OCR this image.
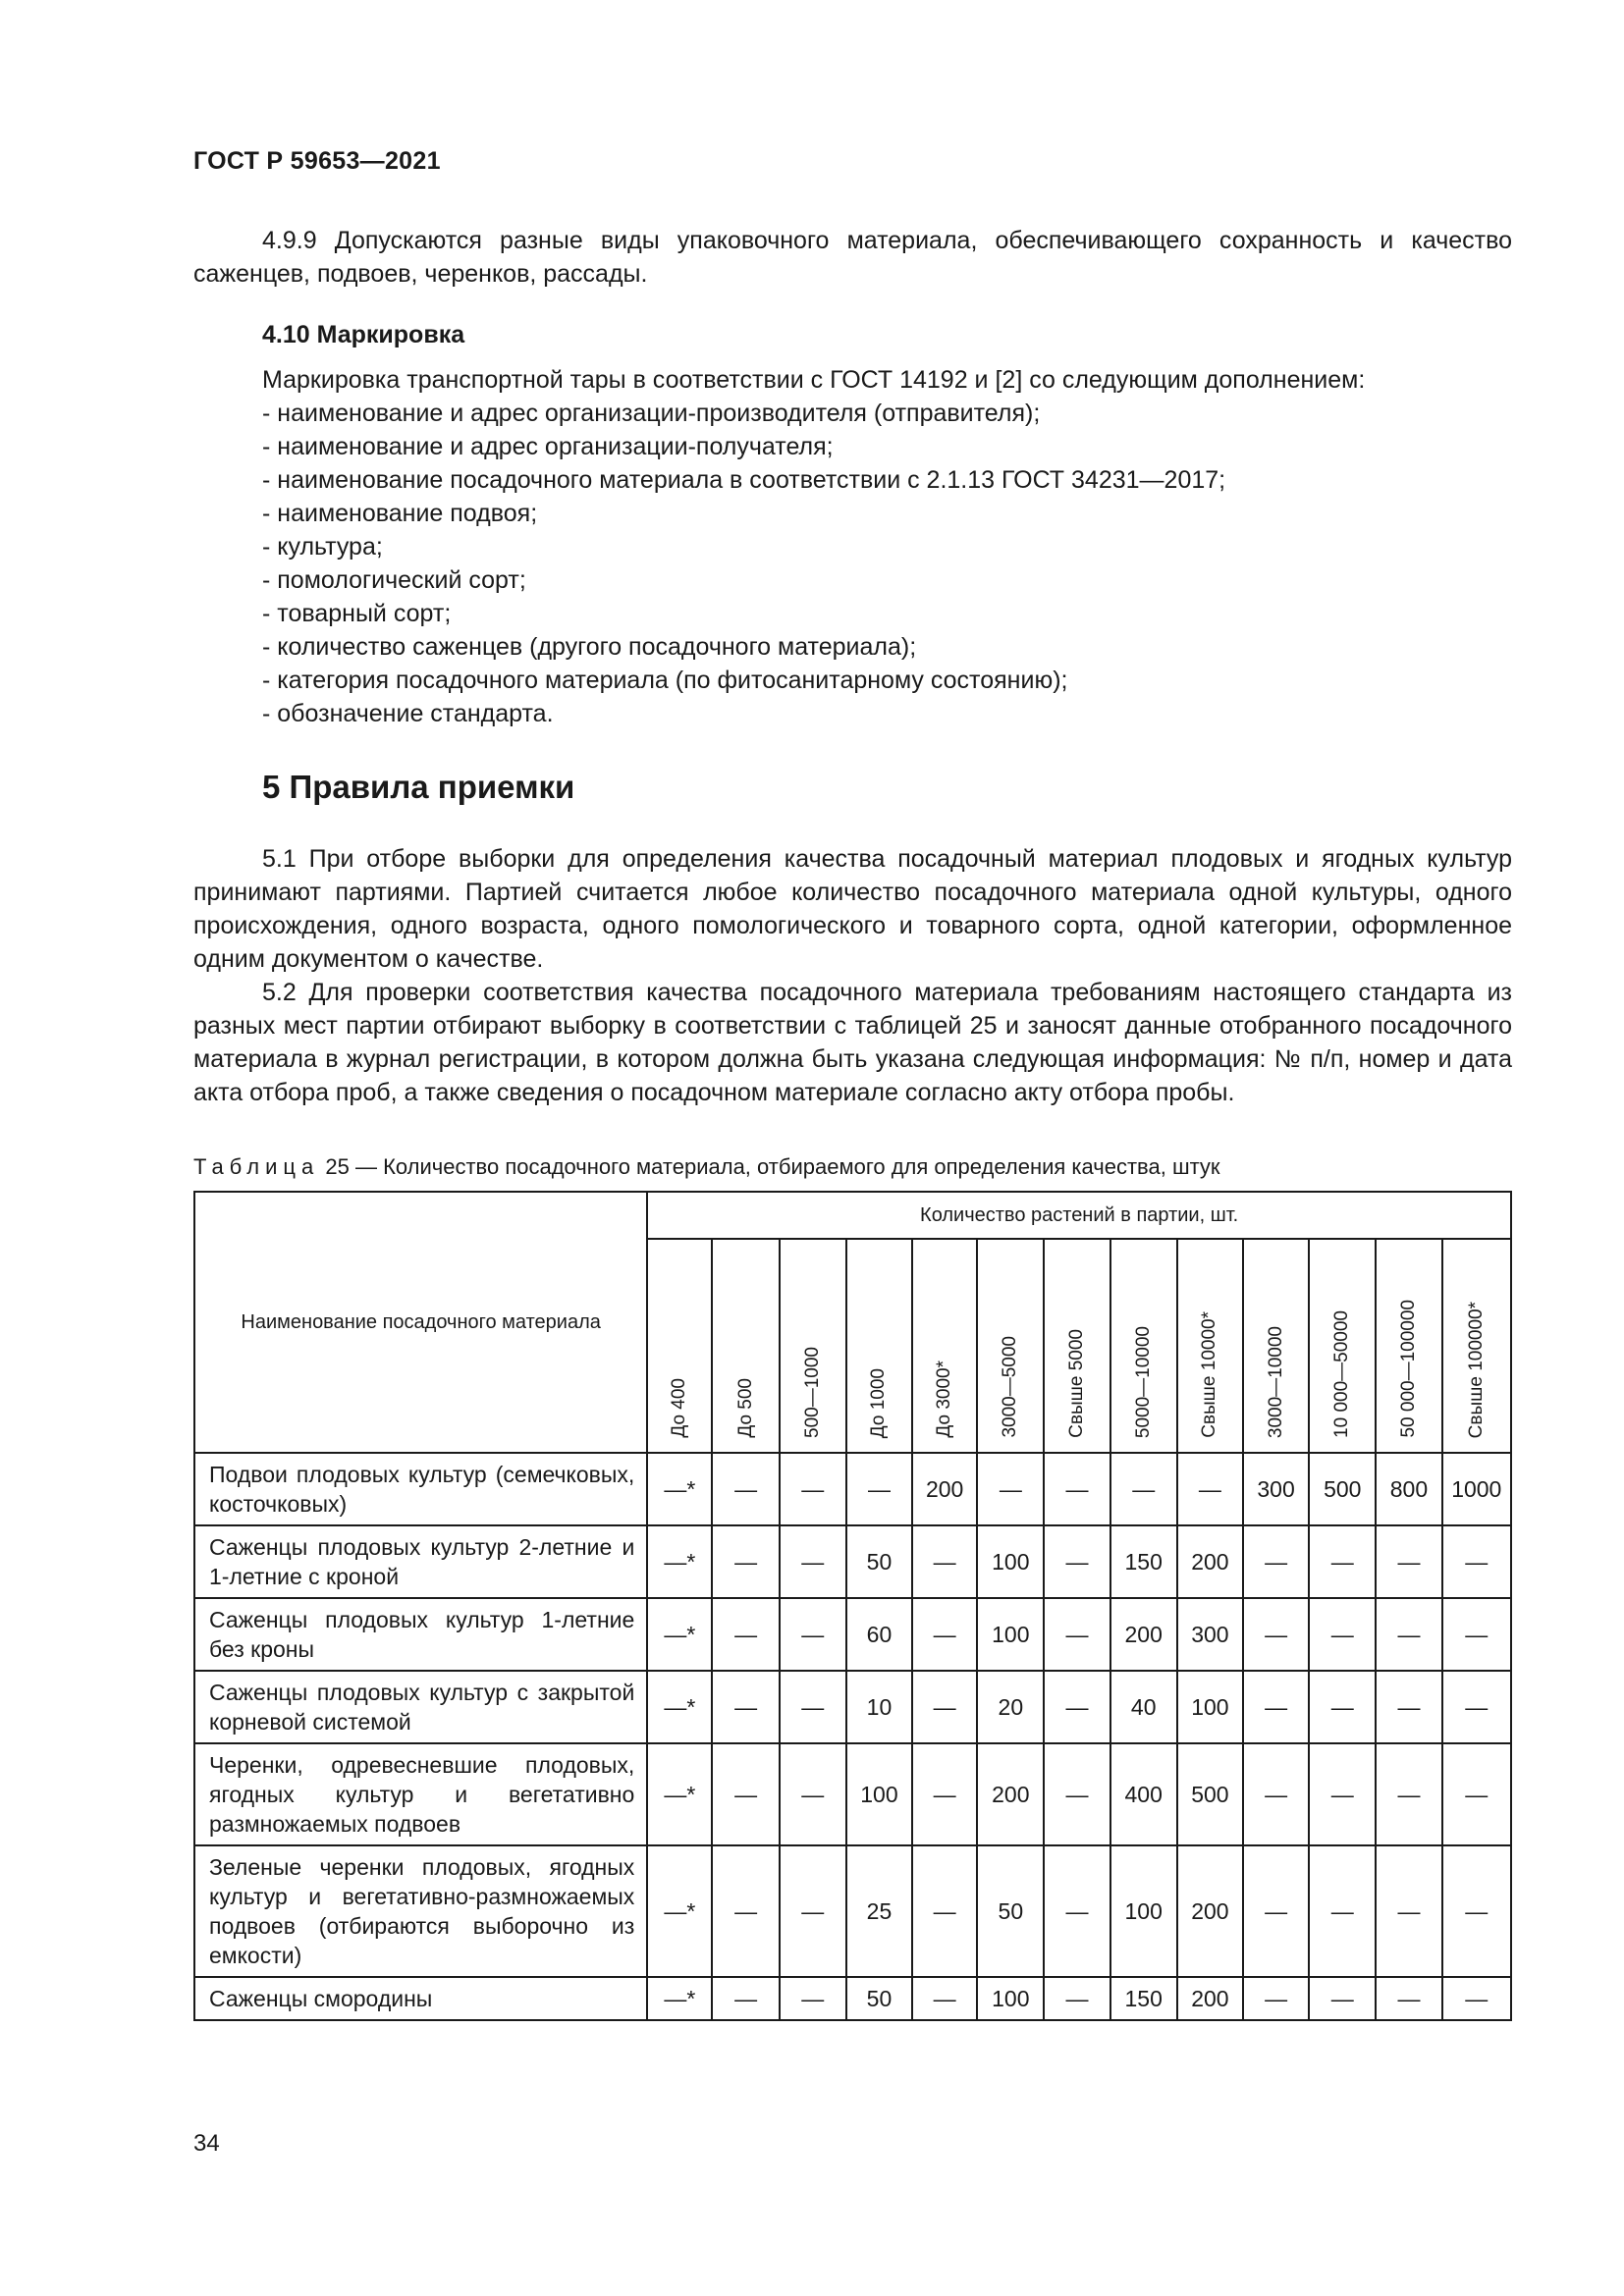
ГОСТ Р 59653—2021

4.9.9 Допускаются разные виды упаковочного материала, обеспечивающего сохранность и качество саженцев, подвоев, черенков, рассады.

4.10 Маркировка
Маркировка транспортной тары в соответствии с ГОСТ 14192 и [2] со следующим дополнением:
- наименование и адрес организации-производителя (отправителя);
- наименование и адрес организации-получателя;
- наименование посадочного материала в соответствии с 2.1.13 ГОСТ 34231—2017;
- наименование подвоя;
- культура;
- помологический сорт;
- товарный сорт;
- количество саженцев (другого посадочного материала);
- категория посадочного материала (по фитосанитарному состоянию);
- обозначение стандарта.
5 Правила приемки

5.1 При отборе выборки для определения качества посадочный материал плодовых и ягодных культур принимают партиями. Партией считается любое количество посадочного материала одной культуры, одного происхождения, одного возраста, одного помологического и товарного сорта, одной категории, оформленное одним документом о качестве.

5.2 Для проверки соответствия качества посадочного материала требованиям настоящего стандарта из разных мест партии отбирают выборку в соответствии с таблицей 25 и заносят данные отобранного посадочного материала в журнал регистрации, в котором должна быть указана следующая информация: № п/п, номер и дата акта отбора проб, а также сведения о посадочном материале согласно акту отбора пробы.

Таблица 25 — Количество посадочного материала, отбираемого для определения качества, штук
Наименование посадочного материала	Количество растений в партии, шт.												

	До 400	До 500	500—1000	До 1000	До 3000*	3000—5000	Свыше 5000	5000—10000	Свыше 10000*	3000—10000	10 000—50000	50 000—100000	Свыше 100000*

Подвои плодовых культур (семечковых, косточковых)	—*	—	—	—	200	—	—	—	—	300	500	800	1000
Саженцы плодовых культур 2-летние и 1-летние с кроной	—*	—	—	50	—	100	—	150	200	—	—	—	—
Саженцы плодовых культур 1-летние без кроны	—*	—	—	60	—	100	—	200	300	—	—	—	—
Саженцы плодовых культур с закрытой корневой системой	—*	—	—	10	—	20	—	40	100	—	—	—	—
Черенки, одревесневшие плодовых, ягодных культур и вегетативно размножаемых подвоев	—*	—	—	100	—	200	—	400	500	—	—	—	—
Зеленые черенки плодовых, ягодных культур и вегетативно-размножаемых подвоев (отбираются выборочно из емкости)	—*	—	—	25	—	50	—	100	200	—	—	—	—
Саженцы смородины	—*	—	—	50	—	100	—	150	200	—	—	—	—
34
